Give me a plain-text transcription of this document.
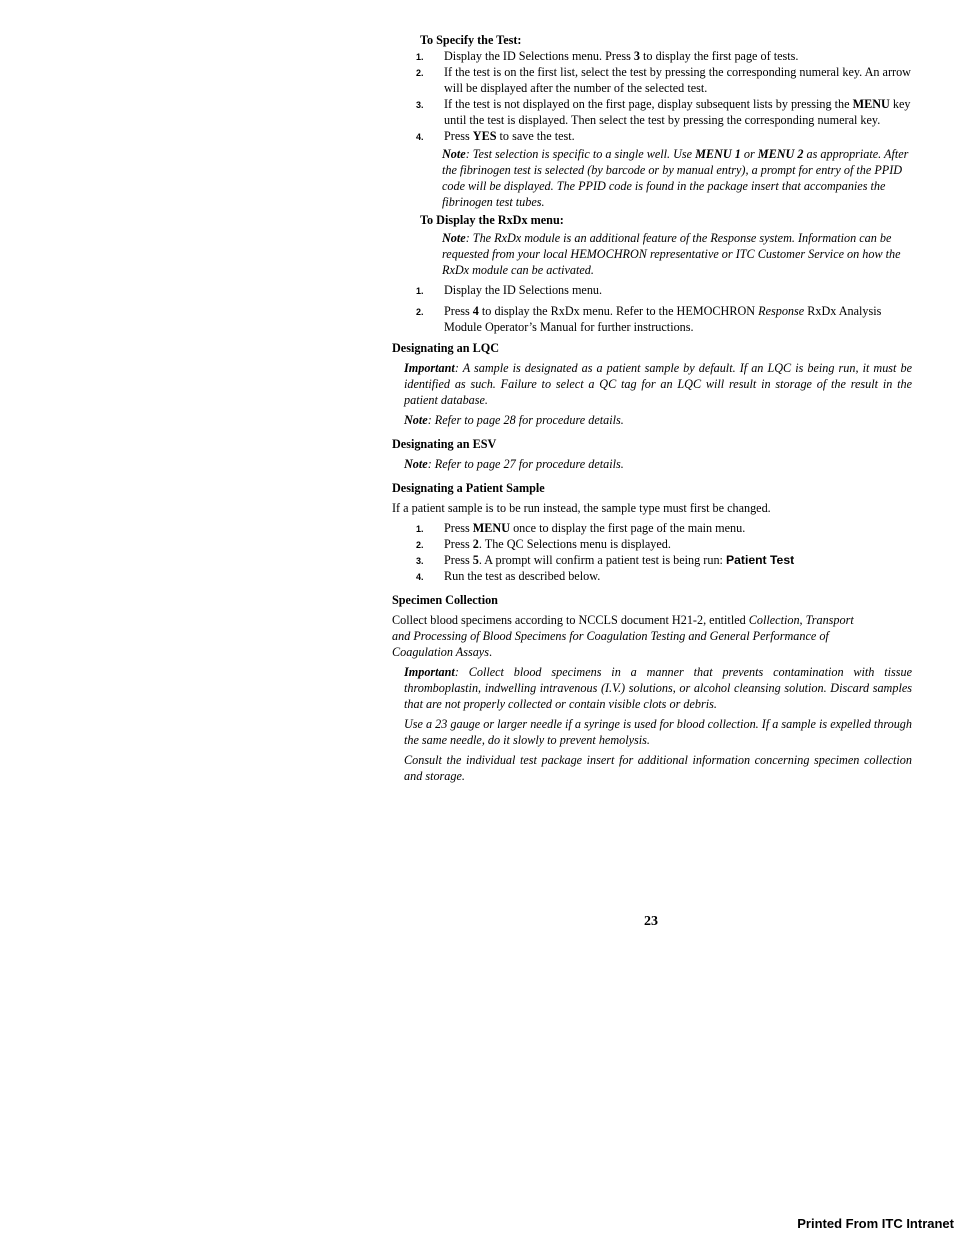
To Specify the Test:

1. Display the ID Selections menu. Press 3 to display the first page of tests.
2. If the test is on the first list, select the test by pressing the corresponding numeral key. An arrow will be displayed after the number of the selected test.
3. If the test is not displayed on the first page, display subsequent lists by pressing the MENU key until the test is displayed. Then select the test by pressing the corresponding numeral key.
4. Press YES to save the test.

Note: Test selection is specific to a single well. Use MENU 1 or MENU 2 as appropriate. After the fibrinogen test is selected (by barcode or by manual entry), a prompt for entry of the PPID code will be displayed. The PPID code is found in the package insert that accompanies the fibrinogen test tubes.

To Display the RxDx menu:

Note: The RxDx module is an additional feature of the Response system. Information can be requested from your local HEMOCHRON representative or ITC Customer Service on how the RxDx module can be activated.

1. Display the ID Selections menu.
2. Press 4 to display the RxDx menu. Refer to the HEMOCHRON Response RxDx Analysis Module Operator’s Manual for further instructions.

Designating an LQC

Important: A sample is designated as a patient sample by default. If an LQC is being run, it must be identified as such. Failure to select a QC tag for an LQC will result in storage of the result in the patient database.

Note: Refer to page 28 for procedure details.

Designating an ESV

Note: Refer to page 27 for procedure details.

Designating a Patient Sample

If a patient sample is to be run instead, the sample type must first be changed.

1. Press MENU once to display the first page of the main menu.
2. Press 2. The QC Selections menu is displayed.
3. Press 5. A prompt will confirm a patient test is being run: Patient Test
4. Run the test as described below.

Specimen Collection

Collect blood specimens according to NCCLS document H21-2, entitled Collection, Transport and Processing of Blood Specimens for Coagulation Testing and General Performance of Coagulation Assays.

Important: Collect blood specimens in a manner that prevents contamination with tissue thromboplastin, indwelling intravenous (I.V.) solutions, or alcohol cleansing solution. Discard samples that are not properly collected or contain visible clots or debris.

Use a 23 gauge or larger needle if a syringe is used for blood collection. If a sample is expelled through the same needle, do it slowly to prevent hemolysis.

Consult the individual test package insert for additional information concerning specimen collection and storage.

23
Printed From ITC Intranet
